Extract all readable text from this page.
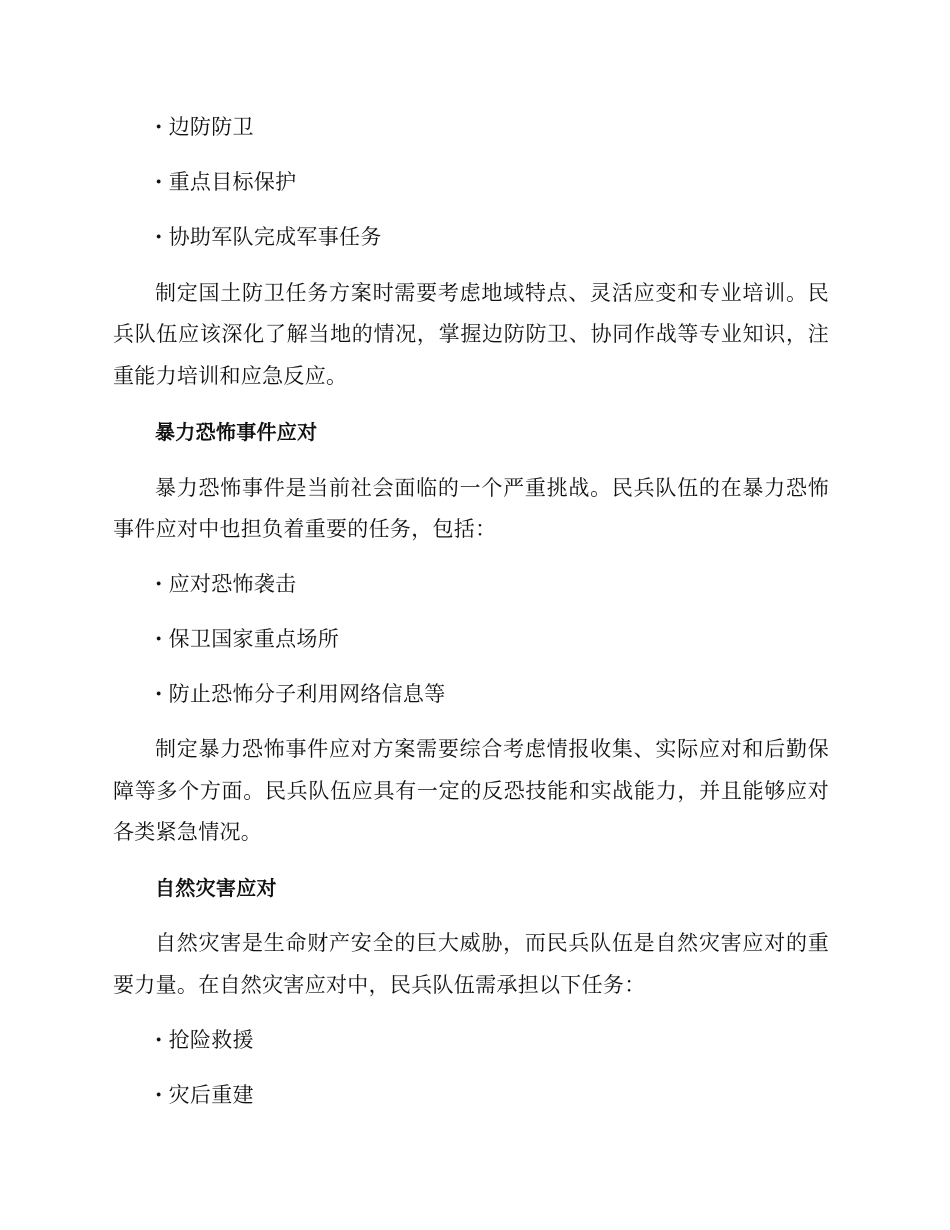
· 边防防卫
· 重点目标保护
· 协助军队完成军事任务
制定国土防卫任务方案时需要考虑地域特点、灵活应变和专业培训。民
兵队伍应该深化了解当地的情况，掌握边防防卫、协同作战等专业知识，注
重能力培训和应急反应。
暴力恐怖事件应对
暴力恐怖事件是当前社会面临的一个严重挑战。民兵队伍的在暴力恐怖
事件应对中也担负着重要的任务，包括：
· 应对恐怖袭击
· 保卫国家重点场所
· 防止恐怖分子利用网络信息等
制定暴力恐怖事件应对方案需要综合考虑情报收集、实际应对和后勤保
障等多个方面。民兵队伍应具有一定的反恐技能和实战能力，并且能够应对
各类紧急情况。
自然灾害应对
自然灾害是生命财产安全的巨大威胁，而民兵队伍是自然灾害应对的重
要力量。在自然灾害应对中，民兵队伍需承担以下任务：
· 抢险救援
· 灾后重建
